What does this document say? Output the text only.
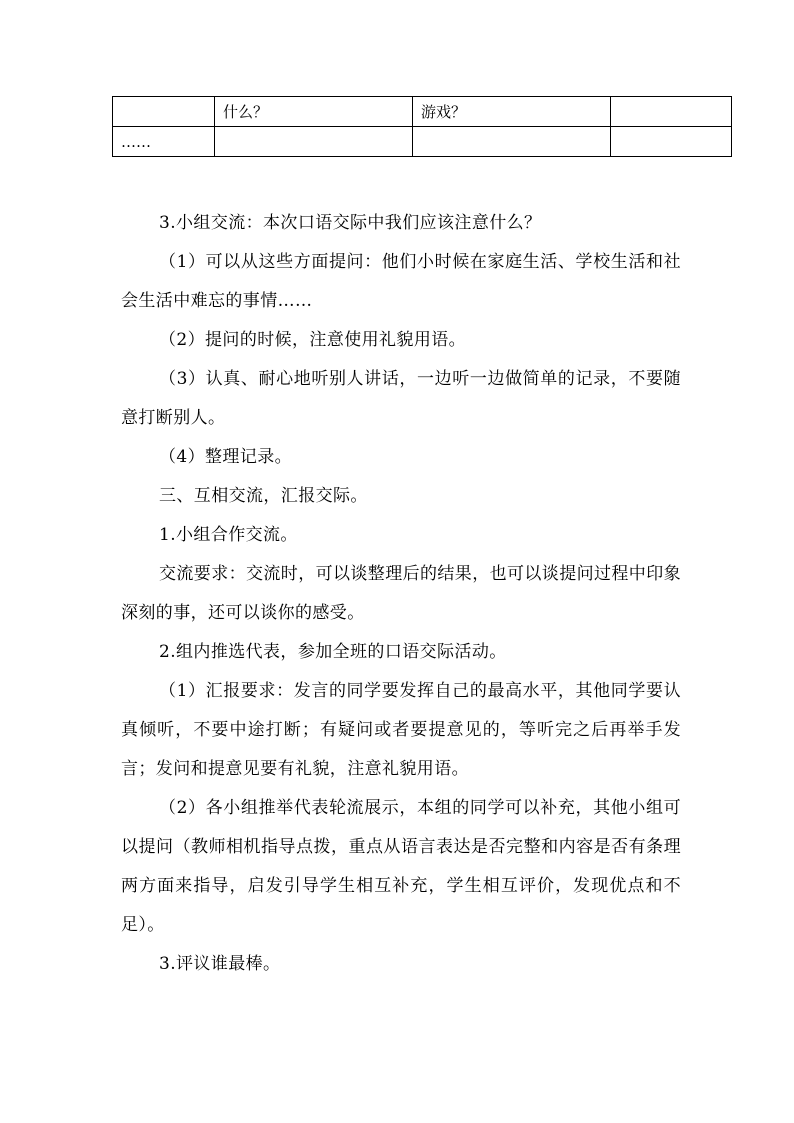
	什么？	游戏？	
……			

3.小组交流：本次口语交际中我们应该注意什么？

（1）可以从这些方面提问：他们小时候在家庭生活、学校生活和社会生活中难忘的事情……

（2）提问的时候，注意使用礼貌用语。

（3）认真、耐心地听别人讲话，一边听一边做简单的记录，不要随意打断别人。

（4）整理记录。

三、互相交流，汇报交际。

1.小组合作交流。

交流要求：交流时，可以谈整理后的结果，也可以谈提问过程中印象深刻的事，还可以谈你的感受。

2.组内推选代表，参加全班的口语交际活动。

（1）汇报要求：发言的同学要发挥自己的最高水平，其他同学要认真倾听，不要中途打断；有疑问或者要提意见的，等听完之后再举手发言；发问和提意见要有礼貌，注意礼貌用语。

（2）各小组推举代表轮流展示，本组的同学可以补充，其他小组可以提问（教师相机指导点拨，重点从语言表达是否完整和内容是否有条理两方面来指导，启发引导学生相互补充，学生相互评价，发现优点和不足）。

3.评议谁最棒。
